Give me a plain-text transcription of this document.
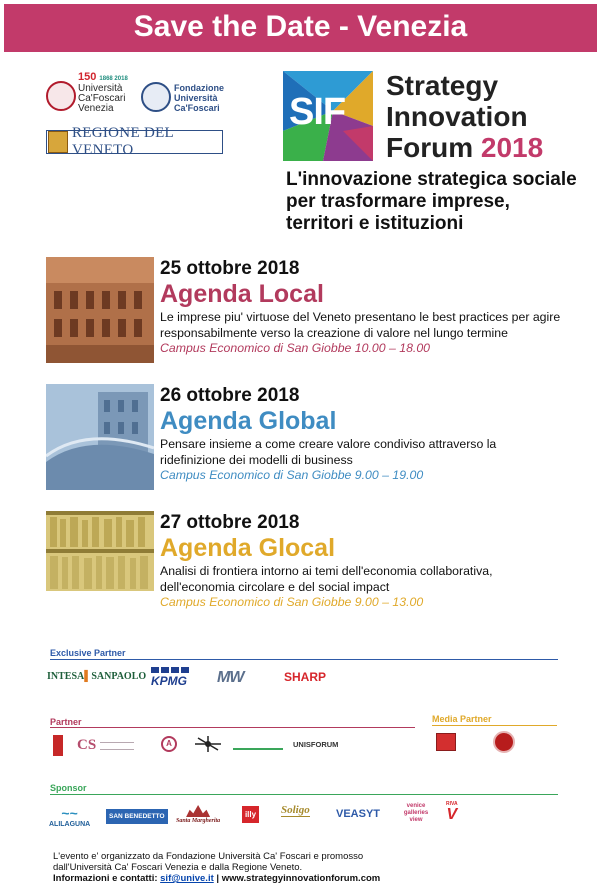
Save the Date - Venezia
150 1868 2018
Università
Ca'Foscari
Venezia
Fondazione
Università
Ca'Foscari
REGIONE DEL VENETO
SIF
Strategy
Innovation
Forum 2018
L'innovazione strategica sociale
per trasformare imprese,
territori e istituzioni
25 ottobre 2018
Agenda Local
Le imprese piu' virtuose del Veneto presentano le best practices per agire responsabilmente verso la creazione di valore nel lungo termine
Campus Economico di San Giobbe 10.00 – 18.00
26 ottobre 2018
Agenda Global
Pensare insieme a come creare valore condiviso attraverso la ridefinizione dei modelli di business
Campus Economico di San Giobbe 9.00 – 19.00
27 ottobre 2018
Agenda Glocal
Analisi di frontiera intorno ai temi dell'economia collaborativa, dell'economia circolare e del social impact
Campus Economico di San Giobbe 9.00 – 13.00
Exclusive Partner
INTESA▌SANPAOLO KPMG MW	SHARP
Partner
CS	A	UNISFORUM
Media Partner
Sponsor
~~
ALILAGUNA
SAN BENEDETTO
Santa Margherita
illy Soligo VEASYT
venice galleries view
RIVA
V
L'evento e' organizzato da Fondazione Università Ca' Foscari e promosso
dall'Università Ca' Foscari Venezia e dalla Regione Veneto.
Informazioni e contatti: sif@unive.it | www.strategyinnovationforum.com
